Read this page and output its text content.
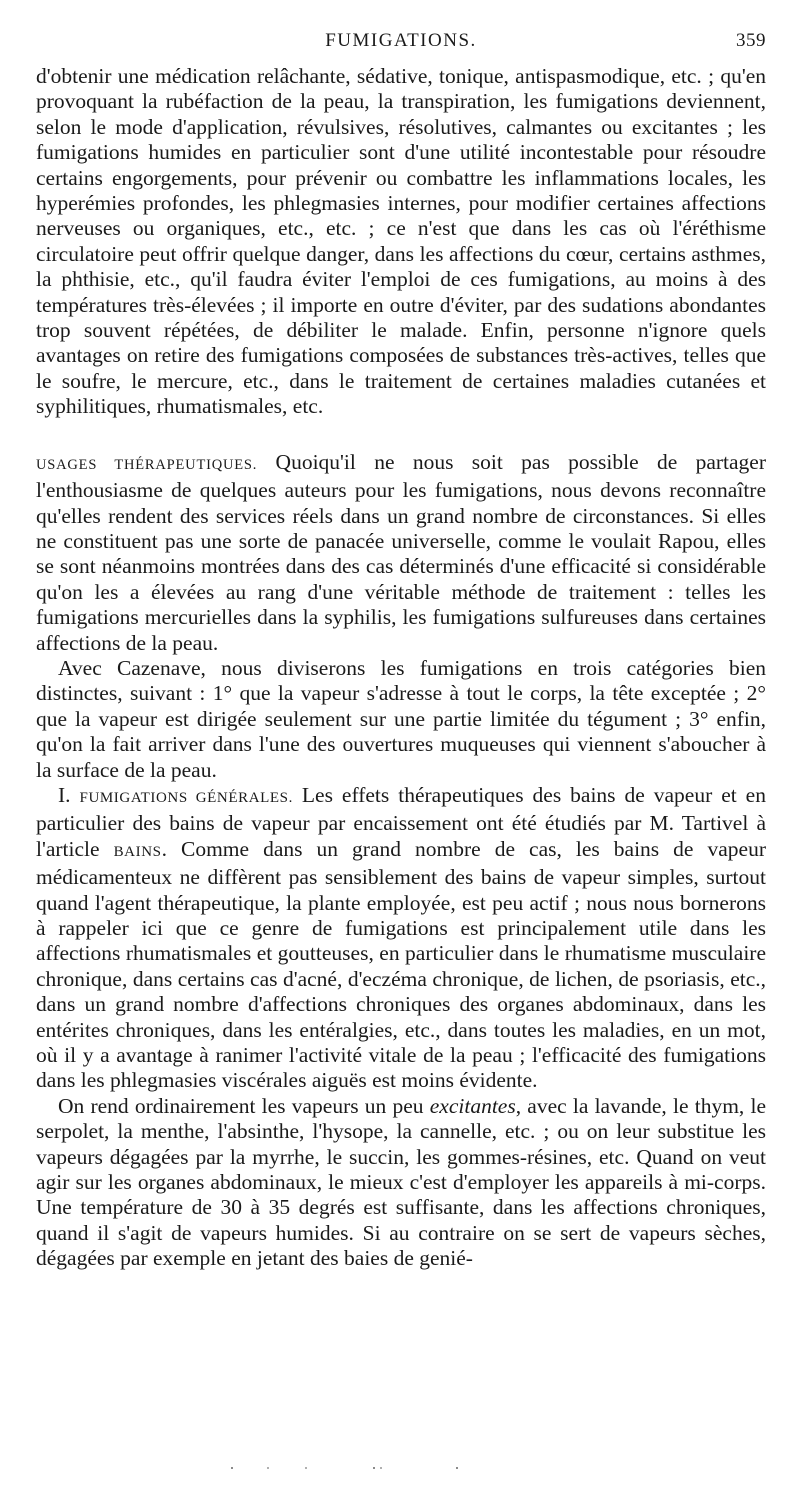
FUMIGATIONS.	359

d'obtenir une médication relâchante, sédative, tonique, antispasmodique, etc. ; qu'en provoquant la rubéfaction de la peau, la transpiration, les fumigations deviennent, selon le mode d'application, révulsives, résolutives, calmantes ou excitantes ; les fumigations humides en particulier sont d'une utilité incontestable pour résoudre certains engorgements, pour prévenir ou combattre les inflammations locales, les hyperémies profondes, les phlegmasies internes, pour modifier certaines affections nerveuses ou organiques, etc., etc. ; ce n'est que dans les cas où l'éréthisme circulatoire peut offrir quelque danger, dans les affections du cœur, certains asthmes, la phthisie, etc., qu'il faudra éviter l'emploi de ces fumigations, au moins à des températures très-élevées ; il importe en outre d'éviter, par des sudations abondantes trop souvent répétées, de débiliter le malade. Enfin, personne n'ignore quels avantages on retire des fumigations composées de substances très-actives, telles que le soufre, le mercure, etc., dans le traitement de certaines maladies cutanées et syphilitiques, rhumatismales, etc.

USAGES THÉRAPEUTIQUES. Quoiqu'il ne nous soit pas possible de partager l'enthousiasme de quelques auteurs pour les fumigations, nous devons reconnaître qu'elles rendent des services réels dans un grand nombre de circonstances. Si elles ne constituent pas une sorte de panacée universelle, comme le voulait Rapou, elles se sont néanmoins montrées dans des cas déterminés d'une efficacité si considérable qu'on les a élevées au rang d'une véritable méthode de traitement : telles les fumigations mercurielles dans la syphilis, les fumigations sulfureuses dans certaines affections de la peau.

Avec Cazenave, nous diviserons les fumigations en trois catégories bien distinctes, suivant : 1° que la vapeur s'adresse à tout le corps, la tête exceptée ; 2° que la vapeur est dirigée seulement sur une partie limitée du tégument ; 3° enfin, qu'on la fait arriver dans l'une des ouvertures muqueuses qui viennent s'aboucher à la surface de la peau.

I. FUMIGATIONS GÉNÉRALES. Les effets thérapeutiques des bains de vapeur et en particulier des bains de vapeur par encaissement ont été étudiés par M. Tartivel à l'article BAINS. Comme dans un grand nombre de cas, les bains de vapeur médicamenteux ne diffèrent pas sensiblement des bains de vapeur simples, surtout quand l'agent thérapeutique, la plante employée, est peu actif ; nous nous bornerons à rappeler ici que ce genre de fumigations est principalement utile dans les affections rhumatismales et goutteuses, en particulier dans le rhumatisme musculaire chronique, dans certains cas d'acné, d'eczéma chronique, de lichen, de psoriasis, etc., dans un grand nombre d'affections chroniques des organes abdominaux, dans les entérites chroniques, dans les entéralgies, etc., dans toutes les maladies, en un mot, où il y a avantage à ranimer l'activité vitale de la peau ; l'efficacité des fumigations dans les phlegmasies viscérales aiguës est moins évidente.

On rend ordinairement les vapeurs un peu excitantes, avec la lavande, le thym, le serpolet, la menthe, l'absinthe, l'hysope, la cannelle, etc. ; ou on leur substitue les vapeurs dégagées par la myrrhe, le succin, les gommes-résines, etc. Quand on veut agir sur les organes abdominaux, le mieux c'est d'employer les appareils à mi-corps. Une température de 30 à 35 degrés est suffisante, dans les affections chroniques, quand il s'agit de vapeurs humides. Si au contraire on se sert de vapeurs sèches, dégagées par exemple en jetant des baies de genié-
